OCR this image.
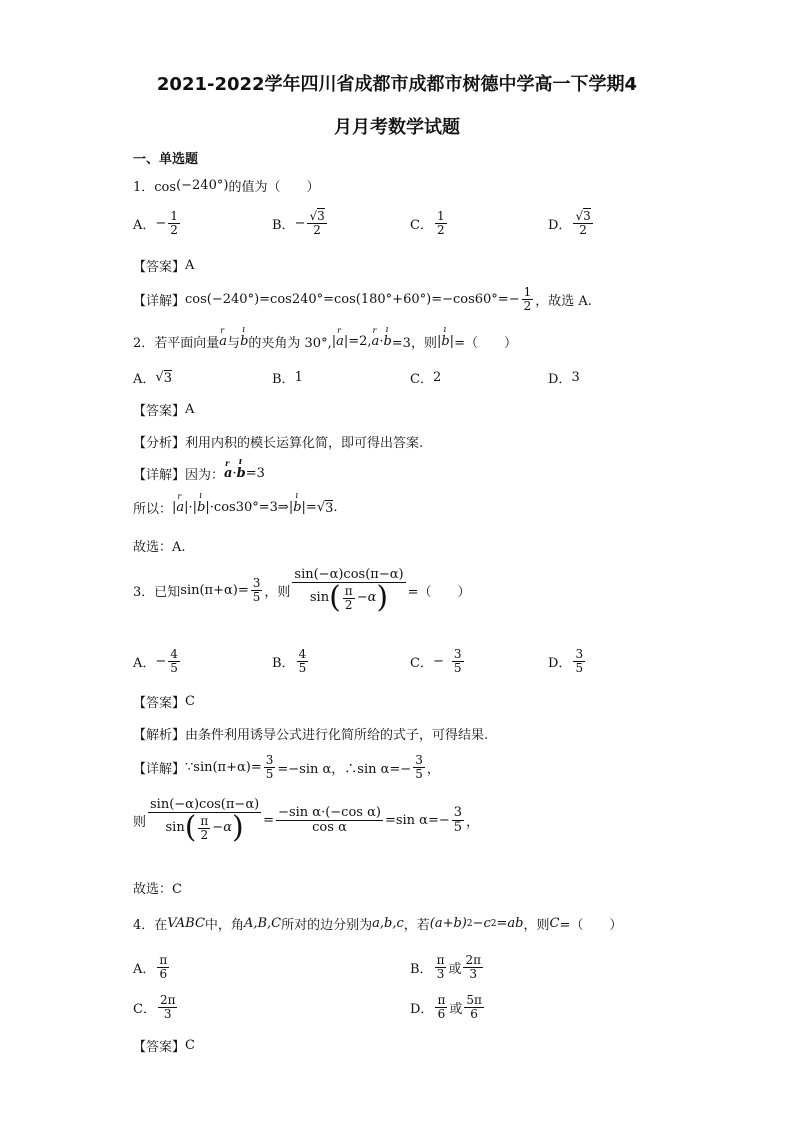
2021-2022学年四川省成都市成都市树德中学高一下学期4
月月考数学试题
一、单选题
1．cos ( −240° ) 的值为（　　）
A． − $\frac{1}{2}$	B． − $\frac{√3}{2}$	C． $\frac{1}{2}$	D． $\frac{√3}{2}$
【答案】 A
【详解】 $\cos(-240^\circ)=\cos 240^\circ=\cos(180^\circ+60^\circ)=-\cos 60^\circ=- \frac{1}{2}$ ，故选 A.
2．若平面向量 r a 与 ı b 的夹角为 30°, | r a | =2, r a · ı b =3，则 | ı b | =（　　）
A． √ 3	B． 1	C． 2	D． 3
【答案】 A
【分析】 利用内积的模长运算化简，即可得出答案.
【详解】 因为： r a · ı b =3
所以： | r a |·| ı b | ·cos30°=3⇒ | ı b |= √ 3 .
故选：A.
3．已知 $\sin(\pi+\alpha) = \frac{3}{5}$ ，则 $\frac{\sin(-\alpha)\cos(\pi-\alpha)}{\sin ( \frac{\pi}{2} - \alpha )}$ =（　　）
A． − $\frac{4}{5}$	B． $\frac{4}{5}$	C． − $\frac{3}{5}$	D． $\frac{3}{5}$
【答案】 C
【解析】 由条件利用诱导公式进行化简所给的式子，可得结果.
【详解】 ∵sin(π+α)= $\frac{3}{5} =-\sin$ α，∴sin $\alpha=- \frac{3}{5}$ ，
则 $\frac{\sin(-\alpha)\cos(\pi-\alpha)}{\sin ( \frac{\pi}{2} - \alpha )} = \frac{\text{−sin α·(−cos α)}}{\text{cos α}} =\sin$ $\alpha=- \frac{3}{5}$ ，
故选：C
4．在 VABC 中，角 A,B,C 所对的边分别为 a,b,c ，若 (a+b) 2 −c 2 =ab ，则 C =（　　）
A． $\frac{\pi}{6}$	B． $\frac{\pi}{3}$ 或 $\frac{2\pi}{3}$
C． $\frac{2\pi}{3}$	D． $\frac{\pi}{6}$ 或 $\frac{5\pi}{6}$
【答案】 C
